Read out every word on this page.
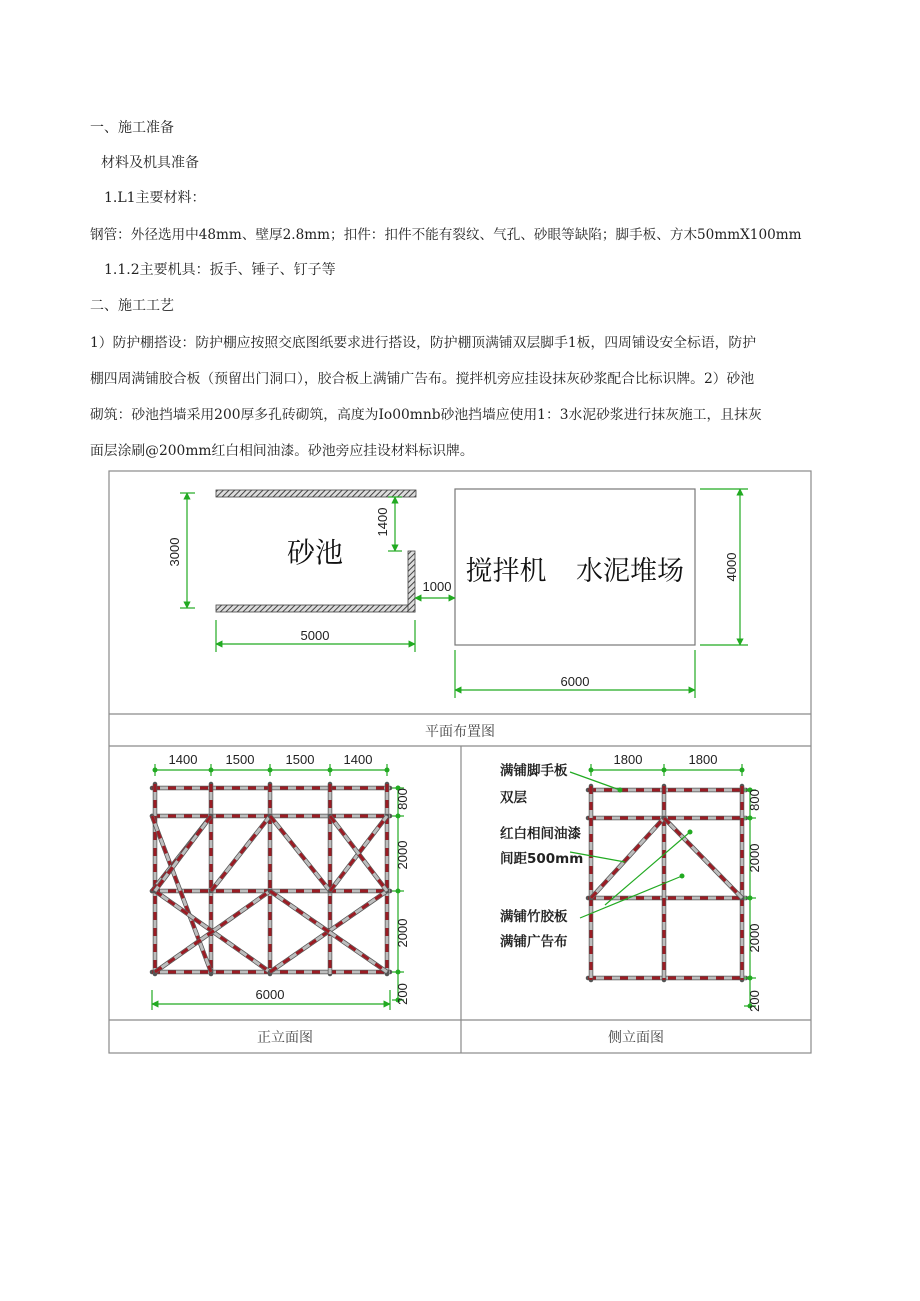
一、施工准备
材料及机具准备
1.L1主要材料：
钢管：外径选用中48mm、壁厚2.8mm；扣件：扣件不能有裂纹、气孔、砂眼等缺陷；脚手板、方木50mmX100mm
1.1.2主要机具：扳手、锤子、钉子等
二、施工工艺
1）防护棚搭设：防护棚应按照交底图纸要求进行搭设，防护棚顶满铺双层脚手1板，四周铺设安全标语，防护
棚四周满铺胶合板（预留出门洞口），胶合板上满铺广告布。搅拌机旁应挂设抹灰砂浆配合比标识牌。2）砂池
砌筑：砂池挡墙采用200厚多孔砖砌筑，高度为Io00mnb砂池挡墙应使用1：3水泥砂浆进行抹灰施工，且抹灰
面层涂刷@200mm红白相间油漆。砂池旁应挂设材料标识牌。
砂池
搅拌机 水泥堆场
3000
1400
1000
5000
4000
6000
平面布置图
1400 1500 1500 1400
800
2000
2000
200
6000
正立面图
1800	1800
800
2000
2000
200
满铺脚手板
双层
红白相间油漆
间距500mm
满铺竹胶板
满铺广告布
侧立面图
